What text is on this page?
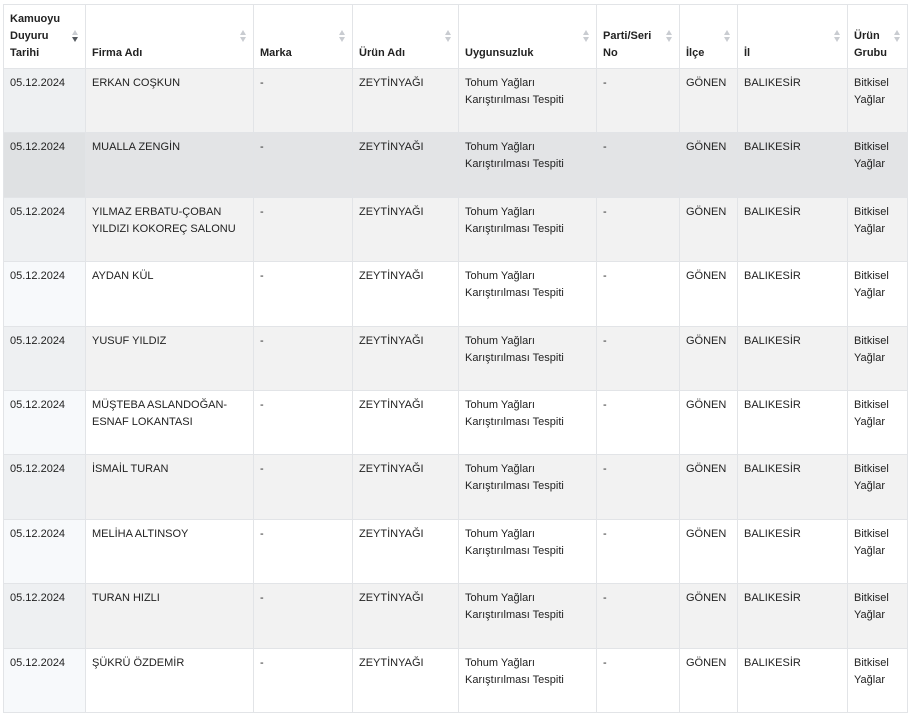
Kamuoyu Duyuru Tarihi	Firma Adı	Marka	Ürün Adı	Uygunsuzluk	Parti/Seri No	İlçe	İl	Ürün Grubu

05.12.2024	ERKAN COŞKUN	-	ZEYTİNYAĞI	Tohum Yağları Karıştırılması Tespiti	-	GÖNEN	BALIKESİR	Bitkisel Yağlar
05.12.2024	MUALLA ZENGİN	-	ZEYTİNYAĞI	Tohum Yağları Karıştırılması Tespiti	-	GÖNEN	BALIKESİR	Bitkisel Yağlar
05.12.2024	YILMAZ ERBATU-ÇOBAN YILDIZI KOKOREÇ SALONU	-	ZEYTİNYAĞI	Tohum Yağları Karıştırılması Tespiti	-	GÖNEN	BALIKESİR	Bitkisel Yağlar
05.12.2024	AYDAN KÜL	-	ZEYTİNYAĞI	Tohum Yağları Karıştırılması Tespiti	-	GÖNEN	BALIKESİR	Bitkisel Yağlar
05.12.2024	YUSUF YILDIZ	-	ZEYTİNYAĞI	Tohum Yağları Karıştırılması Tespiti	-	GÖNEN	BALIKESİR	Bitkisel Yağlar
05.12.2024	MÜŞTEBA ASLANDOĞAN-ESNAF LOKANTASI	-	ZEYTİNYAĞI	Tohum Yağları Karıştırılması Tespiti	-	GÖNEN	BALIKESİR	Bitkisel Yağlar
05.12.2024	İSMAİL TURAN	-	ZEYTİNYAĞI	Tohum Yağları Karıştırılması Tespiti	-	GÖNEN	BALIKESİR	Bitkisel Yağlar
05.12.2024	MELİHA ALTINSOY	-	ZEYTİNYAĞI	Tohum Yağları Karıştırılması Tespiti	-	GÖNEN	BALIKESİR	Bitkisel Yağlar
05.12.2024	TURAN HIZLI	-	ZEYTİNYAĞI	Tohum Yağları Karıştırılması Tespiti	-	GÖNEN	BALIKESİR	Bitkisel Yağlar
05.12.2024	ŞÜKRÜ ÖZDEMİR	-	ZEYTİNYAĞI	Tohum Yağları Karıştırılması Tespiti	-	GÖNEN	BALIKESİR	Bitkisel Yağlar
